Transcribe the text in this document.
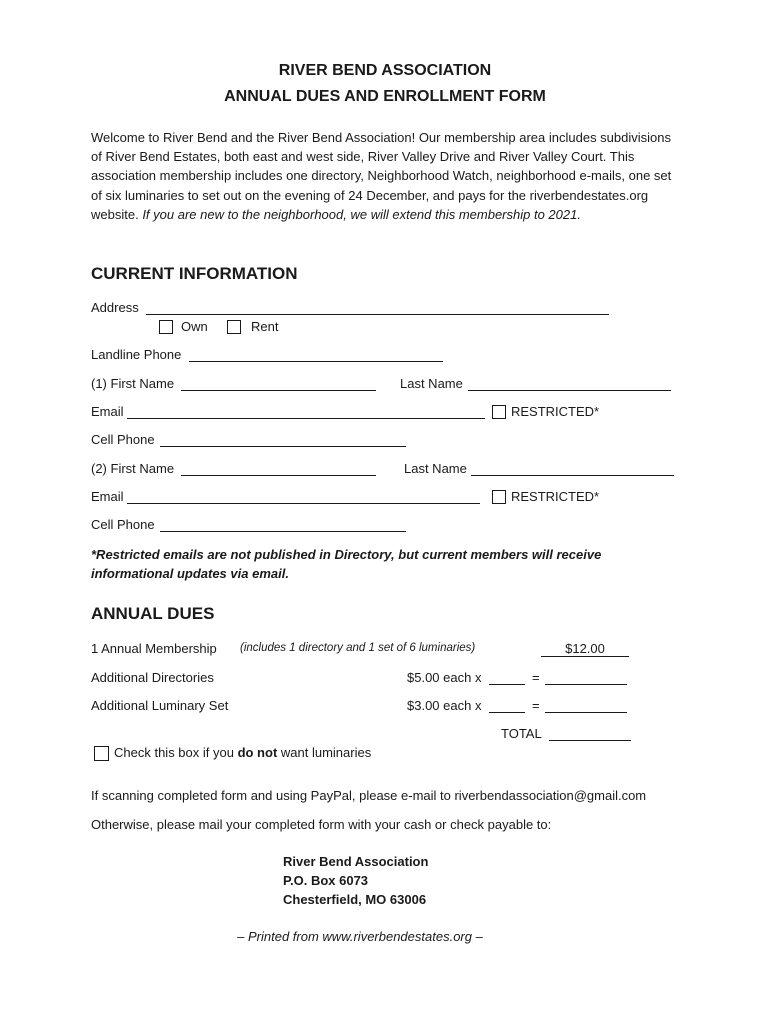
RIVER BEND ASSOCIATION
ANNUAL DUES AND ENROLLMENT FORM
Welcome to River Bend and the River Bend Association! Our membership area includes subdivisions of River Bend Estates, both east and west side, River Valley Drive and River Valley Court. This association membership includes one directory, Neighborhood Watch, neighborhood e-mails, one set of six luminaries to set out on the evening of 24 December, and pays for the riverbendestates.org website. If you are new to the neighborhood, we will extend this membership to 2021.
CURRENT INFORMATION
Address
Own	Rent
Landline Phone
(1) First Name	Last Name
Email	RESTRICTED*
Cell Phone
(2) First Name	Last Name
Email	RESTRICTED*
Cell Phone
*Restricted emails are not published in Directory, but current members will receive informational updates via email.
ANNUAL DUES
1 Annual Membership (includes 1 directory and 1 set of 6 luminaries)	$12.00
Additional Directories	$5.00 each x	=
Additional Luminary Set	$3.00 each x	=
TOTAL
Check this box if you do not want luminaries
If scanning completed form and using PayPal, please e-mail to riverbendassociation@gmail.com
Otherwise, please mail your completed form with your cash or check payable to:
River Bend Association
P.O. Box 6073
Chesterfield, MO 63006
– Printed from www.riverbendestates.org –
